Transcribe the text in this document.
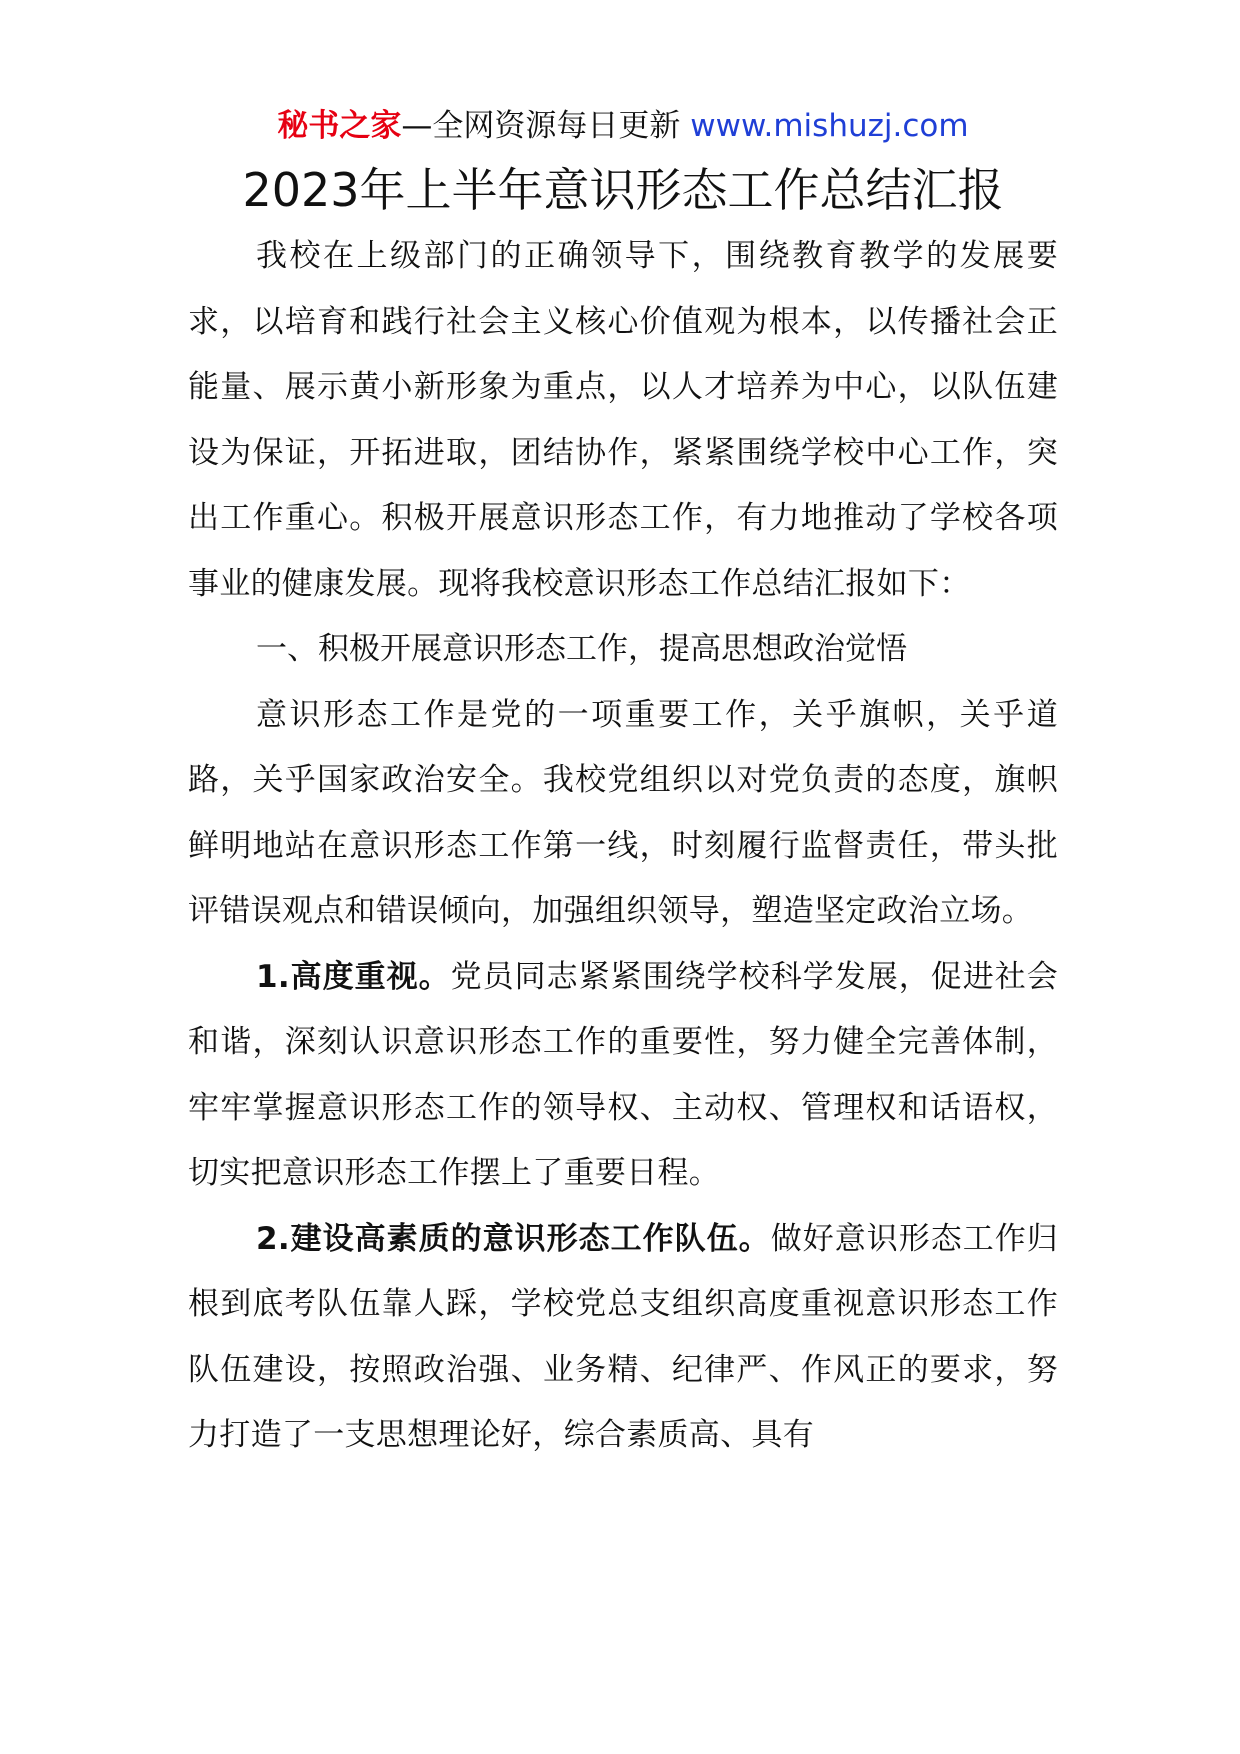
秘书之家—全网资源每日更新 www.mishuzj.com
2023年上半年意识形态工作总结汇报

我校在上级部门的正确领导下，围绕教育教学的发展要求，以培育和践行社会主义核心价值观为根本，以传播社会正能量、展示黄小新形象为重点，以人才培养为中心，以队伍建设为保证，开拓进取，团结协作，紧紧围绕学校中心工作，突出工作重心。积极开展意识形态工作，有力地推动了学校各项事业的健康发展。现将我校意识形态工作总结汇报如下：

一、积极开展意识形态工作，提高思想政治觉悟

意识形态工作是党的一项重要工作，关乎旗帜，关乎道路，关乎国家政治安全。我校党组织以对党负责的态度，旗帜鲜明地站在意识形态工作第一线，时刻履行监督责任，带头批评错误观点和错误倾向，加强组织领导，塑造坚定政治立场。

1.高度重视。党员同志紧紧围绕学校科学发展，促进社会和谐，深刻认识意识形态工作的重要性，努力健全完善体制，牢牢掌握意识形态工作的领导权、主动权、管理权和话语权，切实把意识形态工作摆上了重要日程。

2.建设高素质的意识形态工作队伍。做好意识形态工作归根到底考队伍靠人踩，学校党总支组织高度重视意识形态工作队伍建设，按照政治强、业务精、纪律严、作风正的要求，努力打造了一支思想理论好，综合素质高、具有
